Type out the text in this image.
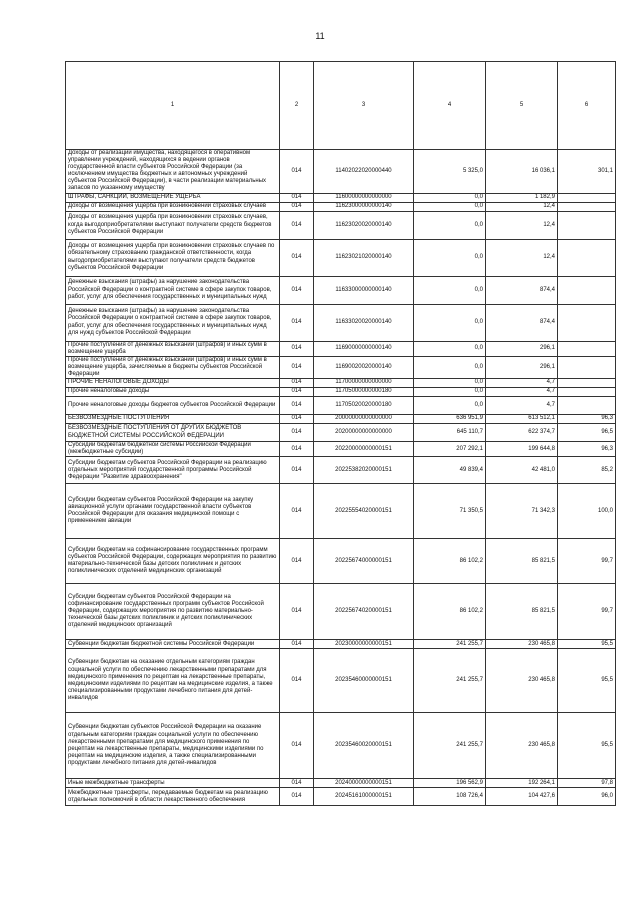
11
1	2	3	4	5	6
Доходы от реализации имущества, находящегося в оперативном управлении учреждений, находящихся в ведении органов государственной власти субъектов Российской Федерации (за исключением имущества бюджетных и автономных учреждений субъектов Российской Федерации), в части реализации материальных запасов по указанному имуществу	014	11402022020000440	5 325,0	16 036,1	301,1
ШТРАФЫ, САНКЦИИ, ВОЗМЕЩЕНИЕ УЩЕРБА	014	11600000000000000	0,0	1 182,9	
Доходы от возмещения ущерба при возникновении страховых случаев	014	11623000000000140	0,0	12,4	
Доходы от возмещения ущерба при возникновении страховых случаев, когда выгодоприобретателями выступают получатели средств бюджетов субъектов Российской Федерации	014	11623020020000140	0,0	12,4	
Доходы от возмещения ущерба при возникновении страховых случаев по обязательному страхованию гражданской ответственности, когда выгодоприобретателями выступают получатели средств бюджетов субъектов Российской Федерации	014	11623021020000140	0,0	12,4	
Денежные взыскания (штрафы) за нарушение законодательства Российской Федерации о контрактной системе в сфере закупок товаров, работ, услуг для обеспечения государственных и муниципальных нужд	014	11633000000000140	0,0	874,4	
Денежные взыскания (штрафы) за нарушение законодательства Российской Федерации о контрактной системе в сфере закупок товаров, работ, услуг для обеспечения государственных и муниципальных нужд для нужд субъектов Российской Федерации	014	11633020020000140	0,0	874,4	
Прочие поступления от денежных взысканий (штрафов) и иных сумм в возмещение ущерба	014	11690000000000140	0,0	296,1	
Прочие поступления от денежных взысканий (штрафов) и иных сумм в возмещение ущерба, зачисляемые в бюджеты субъектов Российской Федерации	014	11690020020000140	0,0	296,1	
ПРОЧИЕ НЕНАЛОГОВЫЕ ДОХОДЫ	014	11700000000000000	0,0	4,7	
Прочие неналоговые доходы	014	11705000000000180	0,0	4,7	
Прочие неналоговые доходы бюджетов субъектов Российской Федерации	014	11705020020000180	0,0	4,7	
БЕЗВОЗМЕЗДНЫЕ ПОСТУПЛЕНИЯ	014	20000000000000000	636 951,9	613 512,1	96,3
БЕЗВОЗМЕЗДНЫЕ ПОСТУПЛЕНИЯ ОТ ДРУГИХ БЮДЖЕТОВ БЮДЖЕТНОЙ СИСТЕМЫ РОССИЙСКОЙ ФЕДЕРАЦИИ	014	20200000000000000	645 110,7	622 374,7	96,5
Субсидии бюджетам бюджетной системы Российской Федерации (межбюджетные субсидии)	014	20220000000000151	207 292,1	199 644,8	96,3
Субсидии бюджетам субъектов Российской Федерации на реализацию отдельных мероприятий государственной программы Российской Федерации "Развитие здравоохранения"	014	20225382020000151	49 839,4	42 481,0	85,2
Субсидии бюджетам субъектов Российской Федерации на закупку авиационной услуги органами государственной власти субъектов Российской Федерации для оказания медицинской помощи с применением авиации	014	20225554020000151	71 350,5	71 342,3	100,0
Субсидии бюджетам на софинансирование государственных программ субъектов Российской Федерации, содержащих мероприятия по развитию материально-технической базы детских поликлиник и детских поликлинических отделений медицинских организаций	014	20225674000000151	86 102,2	85 821,5	99,7
Субсидии бюджетам субъектов Российской Федерации на софинансирование государственных программ субъектов Российской Федерации, содержащих мероприятия по развитию материально-технической базы детских поликлиник и детских поликлинических отделений медицинских организаций	014	20225674020000151	86 102,2	85 821,5	99,7
Субвенции бюджетам бюджетной системы Российской Федерации	014	20230000000000151	241 255,7	230 465,8	95,5
Субвенции бюджетам на оказание отдельным категориям граждан социальной услуги по обеспечению лекарственными препаратами для медицинского применения по рецептам на лекарственные препараты, медицинскими изделиями по рецептам на медицинские изделия, а также специализированными продуктами лечебного питания для детей-инвалидов	014	20235460000000151	241 255,7	230 465,8	95,5
Субвенции бюджетам субъектов Российской Федерации на оказание отдельным категориям граждан социальной услуги по обеспечению лекарственными препаратами для медицинского применения по рецептам на лекарственные препараты, медицинскими изделиями по рецептам на медицинские изделия, а также специализированными продуктами лечебного питания для детей-инвалидов	014	20235460020000151	241 255,7	230 465,8	95,5
Иные межбюджетные трансферты	014	20240000000000151	196 562,9	192 264,1	97,8
Межбюджетные трансферты, передаваемые бюджетам на реализацию отдельных полномочий в области лекарственного обеспечения	014	20245161000000151	108 726,4	104 427,6	96,0
